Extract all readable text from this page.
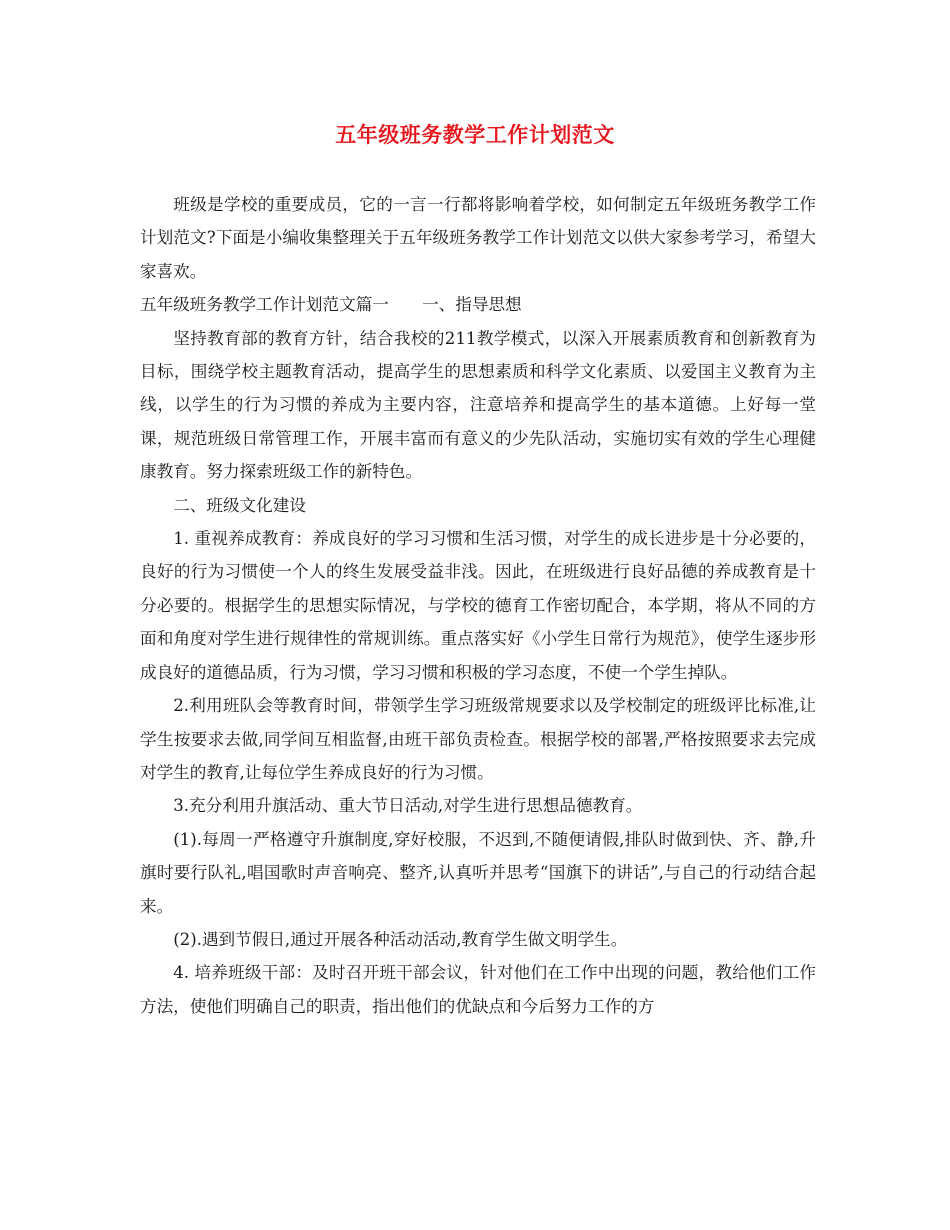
五年级班务教学工作计划范文

班级是学校的重要成员，它的一言一行都将影响着学校，如何制定五年级班务教学工作计划范文?下面是小编收集整理关于五年级班务教学工作计划范文以供大家参考学习，希望大家喜欢。

五年级班务教学工作计划范文篇一　　一、指导思想

坚持教育部的教育方针，结合我校的211教学模式，以深入开展素质教育和创新教育为目标，围绕学校主题教育活动，提高学生的思想素质和科学文化素质、以爱国主义教育为主线，以学生的行为习惯的养成为主要内容，注意培养和提高学生的基本道德。上好每一堂课，规范班级日常管理工作，开展丰富而有意义的少先队活动，实施切实有效的学生心理健康教育。努力探索班级工作的新特色。

二、班级文化建设

1. 重视养成教育：养成良好的学习习惯和生活习惯，对学生的成长进步是十分必要的，良好的行为习惯使一个人的终生发展受益非浅。因此，在班级进行良好品德的养成教育是十分必要的。根据学生的思想实际情况，与学校的德育工作密切配合，本学期，将从不同的方面和角度对学生进行规律性的常规训练。重点落实好《小学生日常行为规范》，使学生逐步形成良好的道德品质，行为习惯，学习习惯和积极的学习态度，不使一个学生掉队。

2.利用班队会等教育时间，带领学生学习班级常规要求以及学校制定的班级评比标准,让学生按要求去做,同学间互相监督,由班干部负责检查。根据学校的部署,严格按照要求去完成对学生的教育,让每位学生养成良好的行为习惯。

3.充分利用升旗活动、重大节日活动,对学生进行思想品德教育。

(1).每周一严格遵守升旗制度,穿好校服，不迟到,不随便请假,排队时做到快、齐、静,升旗时要行队礼,唱国歌时声音响亮、整齐,认真听并思考“国旗下的讲话”,与自己的行动结合起来。

(2).遇到节假日,通过开展各种活动活动,教育学生做文明学生。

4. 培养班级干部：及时召开班干部会议，针对他们在工作中出现的问题，教给他们工作方法，使他们明确自己的职责，指出他们的优缺点和今后努力工作的方
